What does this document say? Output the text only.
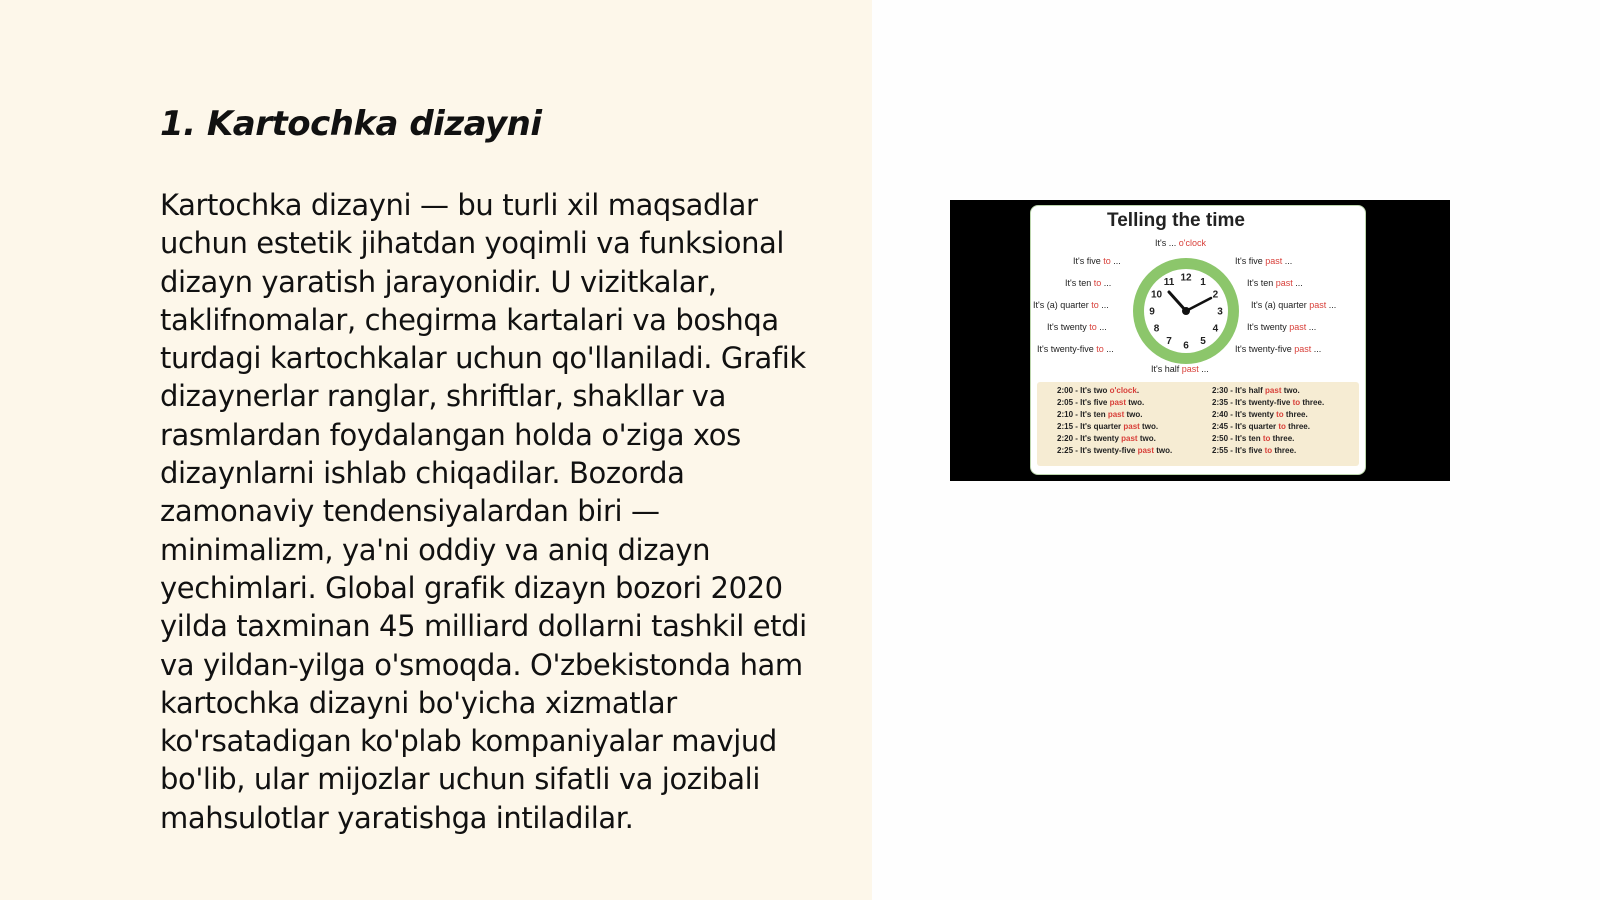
1. Kartochka dizayni

Kartochka dizayni — bu turli xil maqsadlar uchun estetik jihatdan yoqimli va funksional dizayn yaratish jarayonidir. U vizitkalar, taklifnomalar, chegirma kartalari va boshqa turdagi kartochkalar uchun qo'llaniladi. Grafik dizaynerlar ranglar, shriftlar, shakllar va rasmlardan foydalangan holda o'ziga xos dizaynlarni ishlab chiqadilar. Bozorda zamonaviy tendensiyalardan biri — minimalizm, ya'ni oddiy va aniq dizayn yechimlari. Global grafik dizayn bozori 2020 yilda taxminan 45 milliard dollarni tashkil etdi va yildan-yilga o'smoqda. O'zbekistonda ham kartochka dizayni bo'yicha xizmatlar ko'rsatadigan ko'plab kompaniyalar mavjud bo'lib, ular mijozlar uchun sifatli va jozibali mahsulotlar yaratishga intiladilar.

Telling the time
It's ... o'clock
It's five to ...
It's ten to ...
It's (a) quarter to ...
It's twenty to ...
It's twenty-five to ...
It's five past ...
It's ten past ...
It's (a) quarter past ...
It's twenty past ...
It's twenty-five past ...
12 1
2
3
4
5
6
7
8
9
10
11
It's half past ...
2:00 - It's two o'clock.
2:05 - It's five past two.
2:10 - It's ten past two.
2:15 - It's quarter past two.
2:20 - It's twenty past two.
2:25 - It's twenty-five past two.
2:30 - It's half past two.
2:35 - It's twenty-five to three.
2:40 - It's twenty to three.
2:45 - It's quarter to three.
2:50 - It's ten to three.
2:55 - It's five to three.
